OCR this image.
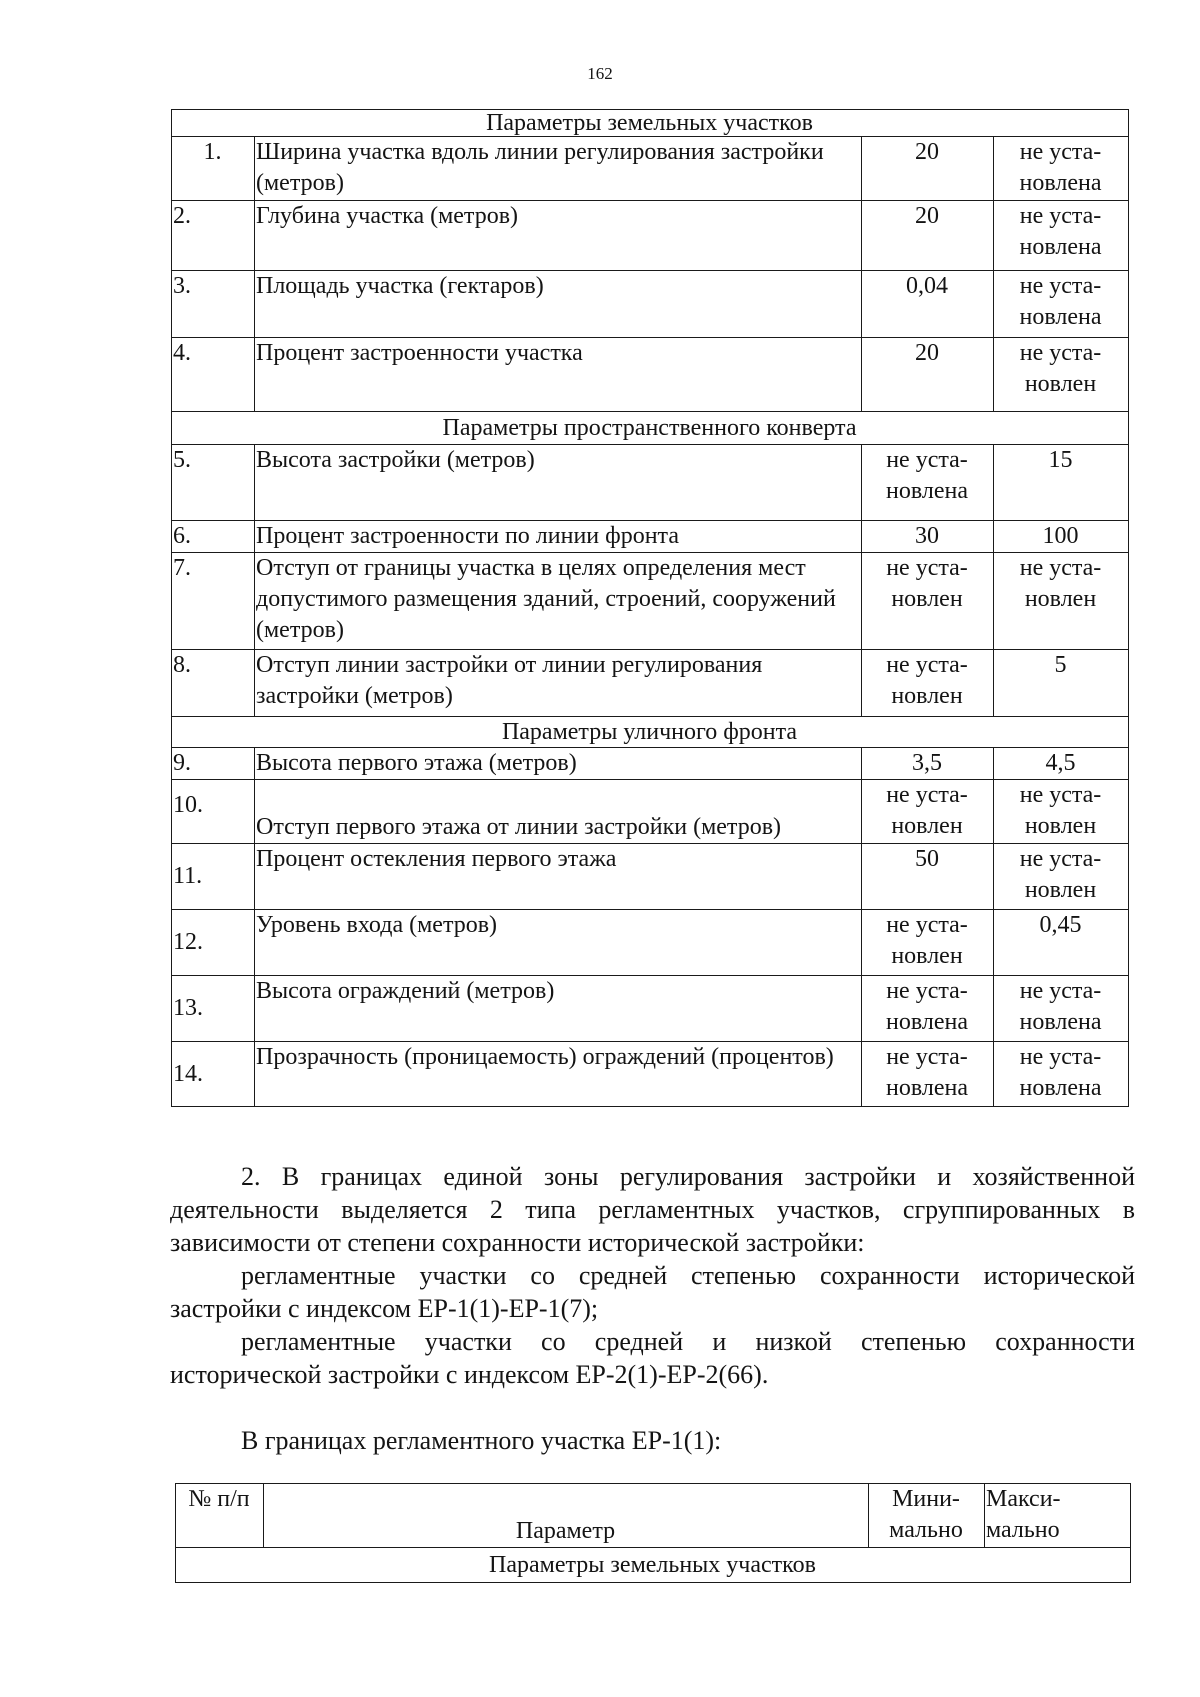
162
Параметры земельных участков			
1.	Ширина участка вдоль линии регулирования застройки (метров)	20	не уста-новлена
2.	Глубина участка (метров)	20	не уста-новлена
3.	Площадь участка (гектаров)	0,04	не уста-новлена
4.	Процент застроенности участка	20	не уста-новлен
Параметры пространственного конверта			
5.	Высота застройки (метров)	не уста-новлена	15
6.	Процент застроенности по линии фронта	30	100
7.	Отступ от границы участка в целях определения мест допустимого размещения зданий, строений, сооружений (метров)	не уста-новлен	не уста-новлен
8.	Отступ линии застройки от линии регулирования застройки (метров)	не уста-новлен	5
Параметры уличного фронта			
9.	Высота первого этажа (метров)	3,5	4,5
10.	Отступ первого этажа от линии застройки (метров)	не уста-новлен	не уста-новлен
11.	Процент остекления первого этажа	50	не уста-новлен
12.	Уровень входа (метров)	не уста-новлен	0,45
13.	Высота ограждений (метров)	не уста-новлена	не уста-новлена
14.	Прозрачность (проницаемость) ограждений (процентов)	не уста-новлена	не уста-новлена
2. В границах единой зоны регулирования застройки и хозяйственной
деятельности выделяется 2 типа регламентных участков, сгруппированных в
зависимости от степени сохранности исторической застройки:
регламентные участки со средней степенью сохранности исторической
застройки с индексом ЕР-1(1)-ЕР-1(7);
регламентные участки со средней и низкой степенью сохранности
исторической застройки с индексом ЕР-2(1)-ЕР-2(66).
В границах регламентного участка ЕР-1(1):
№ п/п	Параметр	Мини-мально	Макси-мально
Параметры земельных участков
